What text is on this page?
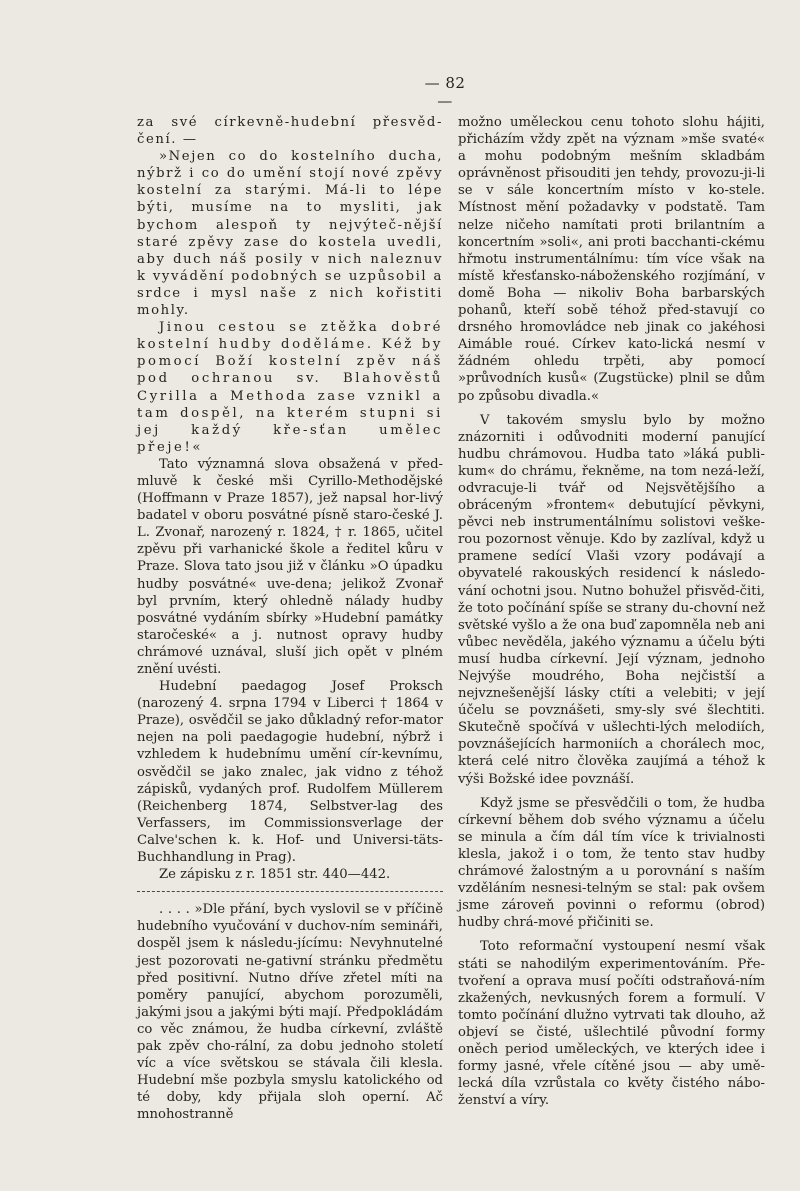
— 82 —

za své církevně-hudební přesvěd-čení. —

»Nejen co do kostelního ducha, nýbrž i co do umění stojí nové zpěvy kostelní za starými. Má-li to lépe býti, musíme na to mysliti, jak bychom alespoň ty nejvýteč-nější staré zpěvy zase do kostela uvedli, aby duch náš posily v nich naleznuv k vyvádění podobných se uzpůsobil a srdce i mysl naše z nich kořistiti mohly.

Jinou cestou se ztěžka dobré kostelní hudby doděláme. Kéž by pomocí Boží kostelní zpěv náš pod ochranou sv. Blahověstů Cyrilla a Methoda zase vznikl a tam dospěl, na kterém stupni si jej každý kře-sťan umělec přeje!«

Tato významná slova obsažená v před-mluvě k české mši Cyrillo-Methodějské (Hoffmann v Praze 1857), jež napsal hor-livý badatel v oboru posvátné písně staro-české J. L. Zvonař, narozený r. 1824, † r. 1865, učitel zpěvu při varhanické škole a ředitel kůru v Praze. Slova tato jsou již v článku »O úpadku hudby posvátné« uve-dena; jelikož Zvonař byl prvním, který ohledně nálady hudby posvátné vydáním sbírky »Hudební památky staročeské« a j. nutnost opravy hudby chrámové uznával, sluší jich opět v plném znění uvésti.

Hudební paedagog Josef Proksch (narozený 4. srpna 1794 v Liberci † 1864 v Praze), osvědčil se jako důkladný refor-mator nejen na poli paedagogie hudební, nýbrž i vzhledem k hudebnímu umění cír-kevnímu, osvědčil se jako znalec, jak vidno z téhož zápisků, vydaných prof. Rudolfem Müllerem (Reichenberg 1874, Selbstver-lag des Verfassers, im Commissionsverlage der Calve'schen k. k. Hof- und Universi-täts-Buchhandlung in Prag).

Ze zápisku z r. 1851 str. 440—442.

. . . . »Dle přání, bych vyslovil se v příčině hudebního vyučování v duchov-ním semináři, dospěl jsem k následu-jícímu: Nevyhnutelné jest pozorovati ne-gativní stránku předmětu před positivní. Nutno dříve zřetel míti na poměry panující, abychom porozuměli, jakými jsou a jakými býti mají. Předpokládám co věc známou, že hudba církevní, zvláště pak zpěv cho-rální, za dobu jednoho století víc a více světskou se stávala čili klesla. Hudební mše pozbyla smyslu katolického od té doby, kdy přijala sloh operní. Ač mnohostranně

možno uměleckou cenu tohoto slohu hájiti, přicházím vždy zpět na význam »mše svaté« a mohu podobným mešním skladbám oprávněnost přisouditi jen tehdy, provozu-ji-li se v sále koncertním místo v ko-stele. Místnost mění požadavky v podstatě. Tam nelze ničeho namítati proti brilantním a koncertním »soli«, ani proti bacchanti-ckému hřmotu instrumentálnímu: tím více však na místě křesťansko-náboženského rozjímání, v domě Boha — nikoliv Boha barbarských pohanů, kteří sobě téhož před-stavují co drsného hromovládce neb jinak co jakéhosi Aimáble roué. Církev kato-lická nesmí v žádném ohledu trpěti, aby pomocí »průvodních kusů« (Zugstücke) plnil se dům po způsobu divadla.«

V takovém smyslu bylo by možno znázorniti i odůvodniti moderní panující hudbu chrámovou. Hudba tato »láká publi-kum« do chrámu, řekněme, na tom nezá-leží, odvracuje-li tvář od Nejsvětějšího a obráceným »frontem« debutující pěvkyni, pěvci neb instrumentálnímu solistovi veške-rou pozornost věnuje. Kdo by zazlíval, když u pramene sedící Vlaši vzory podávají a obyvatelé rakouských residencí k následo-vání ochotni jsou. Nutno bohužel přisvěd-čiti, že toto počínání spíše se strany du-chovní než světské vyšlo a že ona buď zapomněla neb ani vůbec nevěděla, jakého významu a účelu býti musí hudba církevní. Její význam, jednoho Nejvýše moudrého, Boha nejčistší a nejvznešenější lásky ctíti a velebiti; v její účelu se povznášeti, smy-sly své šlechtiti. Skutečně spočívá v ušlechti-lých melodiích, povznášejících harmoniích a chorálech moc, která celé nitro člověka zaujímá a téhož k výši Božské idee povznáší.

Když jsme se přesvědčili o tom, že hudba církevní během dob svého významu a účelu se minula a čím dál tím více k trivialnosti klesla, jakož i o tom, že tento stav hudby chrámové žalostným a u porovnání s naším vzděláním nesnesi-telným se stal: pak ovšem jsme zároveň povinni o reformu (obrod) hudby chrá-mové přičiniti se.

Toto reformační vystoupení nesmí však státi se nahodilým experimentováním. Pře-tvoření a oprava musí počíti odstraňová-ním zkažených, nevkusných forem a formulí. V tomto počínání dlužno vytrvati tak dlouho, až objeví se čisté, ušlechtilé původní formy oněch period uměleckých, ve kterých idee i formy jasné, vřele cítěné jsou — aby umě-lecká díla vzrůstala co květy čistého nábo-ženství a víry.
